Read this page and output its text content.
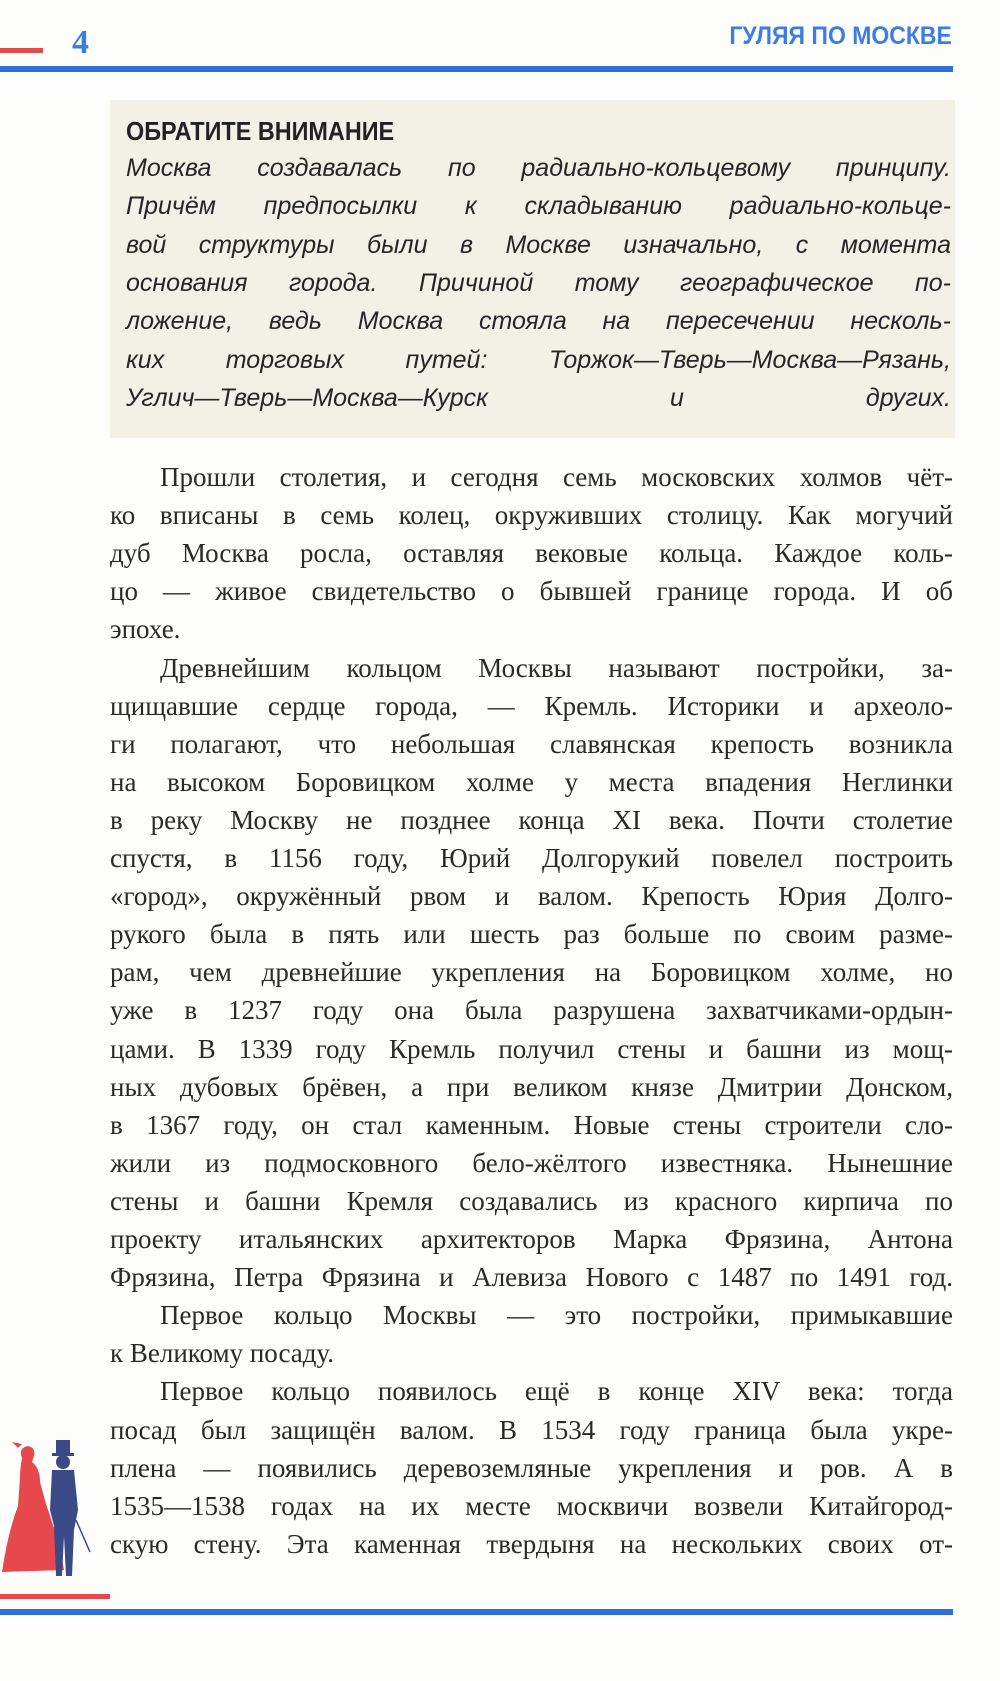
4	ГУЛЯЯ ПО МОСКВЕ
ОБРАТИТЕ ВНИМАНИЕ
Москва создавалась по радиально-кольцевому принципу.
Причём предпосылки к складыванию радиально-кольце-
вой структуры были в Москве изначально, с момента
основания города. Причиной тому географическое по-
ложение, ведь Москва стояла на пересечении несколь-
ких торговых путей: Торжок—Тверь—Москва—Рязань,
Углич—Тверь—Москва—Курск и других.
Прошли столетия, и сегодня семь московских холмов чёт-
ко вписаны в семь колец, окруживших столицу. Как могучий
дуб Москва росла, оставляя вековые кольца. Каждое коль-
цо — живое свидетельство о бывшей границе города. И об
эпохе.
Древнейшим кольцом Москвы называют постройки, за-
щищавшие сердце города, — Кремль. Историки и археоло-
ги полагают, что небольшая славянская крепость возникла
на высоком Боровицком холме у места впадения Неглинки
в реку Москву не позднее конца XI века. Почти столетие
спустя, в 1156 году, Юрий Долгорукий повелел построить
«город», окружённый рвом и валом. Крепость Юрия Долго-
рукого была в пять или шесть раз больше по своим разме-
рам, чем древнейшие укрепления на Боровицком холме, но
уже в 1237 году она была разрушена захватчиками-ордын-
цами. В 1339 году Кремль получил стены и башни из мощ-
ных дубовых брёвен, а при великом князе Дмитрии Донском,
в 1367 году, он стал каменным. Новые стены строители сло-
жили из подмосковного бело-жёлтого известняка. Нынешние
стены и башни Кремля создавались из красного кирпича по
проекту итальянских архитекторов Марка Фрязина, Антона
Фрязина, Петра Фрязина и Алевиза Нового с 1487 по 1491 год.
Первое кольцо Москвы — это постройки, примыкавшие
к Великому посаду.
Первое кольцо появилось ещё в конце XIV века: тогда
посад был защищён валом. В 1534 году граница была укре-
плена — появились деревоземляные укрепления и ров. А в
1535—1538 годах на их месте москвичи возвели Китайгород-
скую стену. Эта каменная твердыня на нескольких своих от-
